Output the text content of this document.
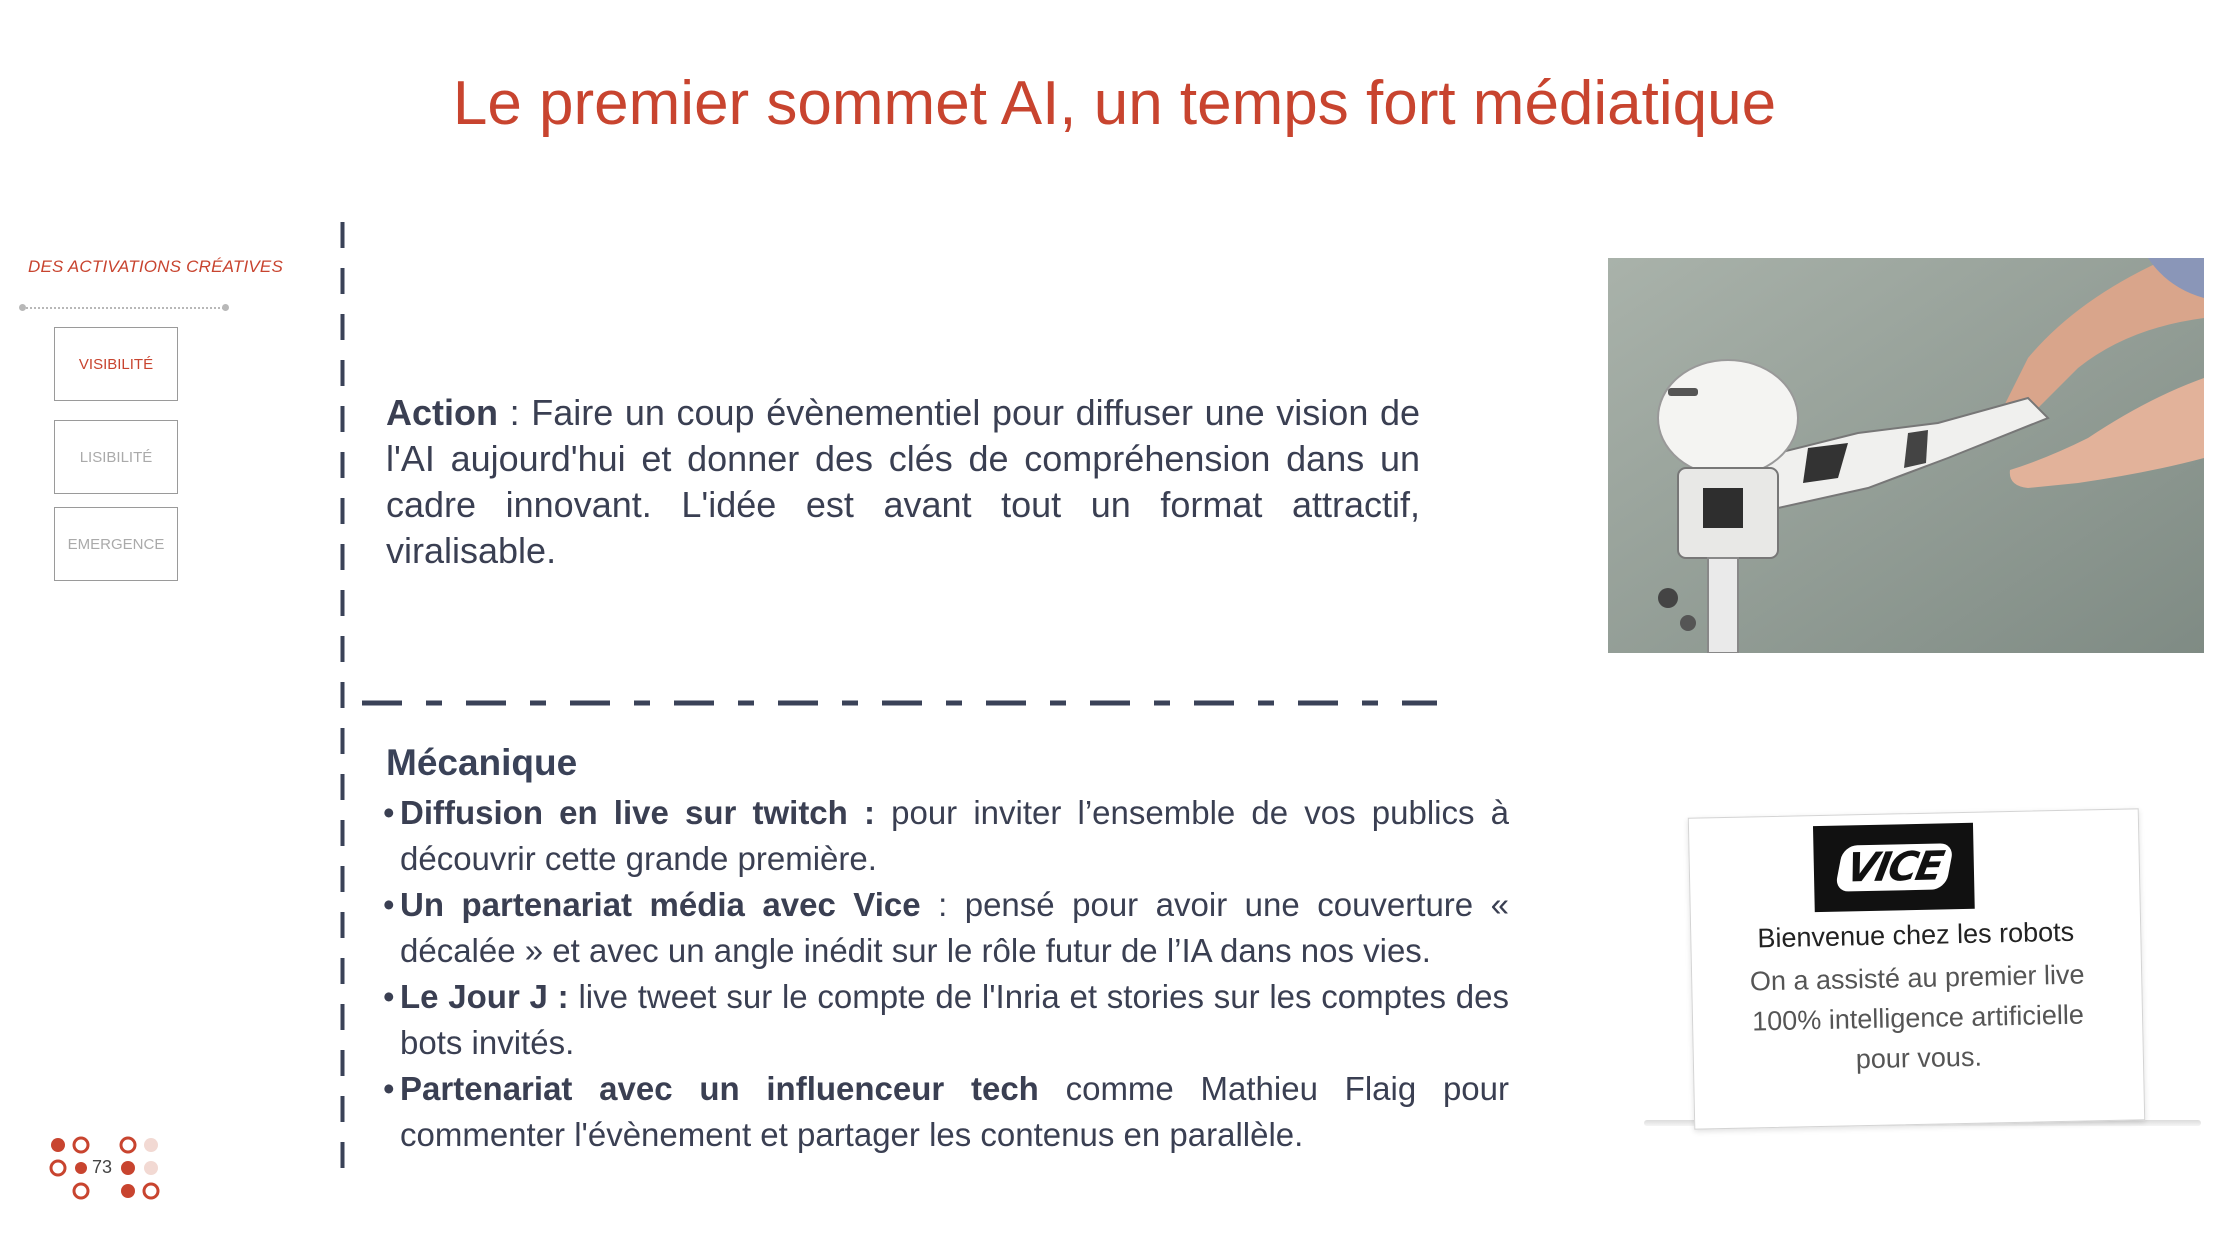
Le premier sommet AI, un temps fort médiatique
DES ACTIVATIONS CRÉATIVES
VISIBILITÉ
LISIBILITÉ
EMERGENCE
Action : Faire un coup évènementiel pour diffuser une vision de l'AI aujourd'hui et donner des clés de compréhension dans un cadre innovant. L'idée est avant tout un format attractif, viralisable.
Mécanique
• Diffusion en live sur twitch : pour inviter l’ensemble de vos publics à découvrir cette grande première.
• Un partenariat média avec Vice : pensé pour avoir une couverture « décalée » et avec un angle inédit sur le rôle futur de l’IA dans nos vies.
• Le Jour J : live tweet sur le compte de l'Inria et stories sur les comptes des bots invités.
• Partenariat avec un influenceur tech comme Mathieu Flaig pour commenter l'évènement et partager les contenus en parallèle.
VICE
Bienvenue chez les robots
On a assisté au premier live 100% intelligence artificielle pour vous.
73
